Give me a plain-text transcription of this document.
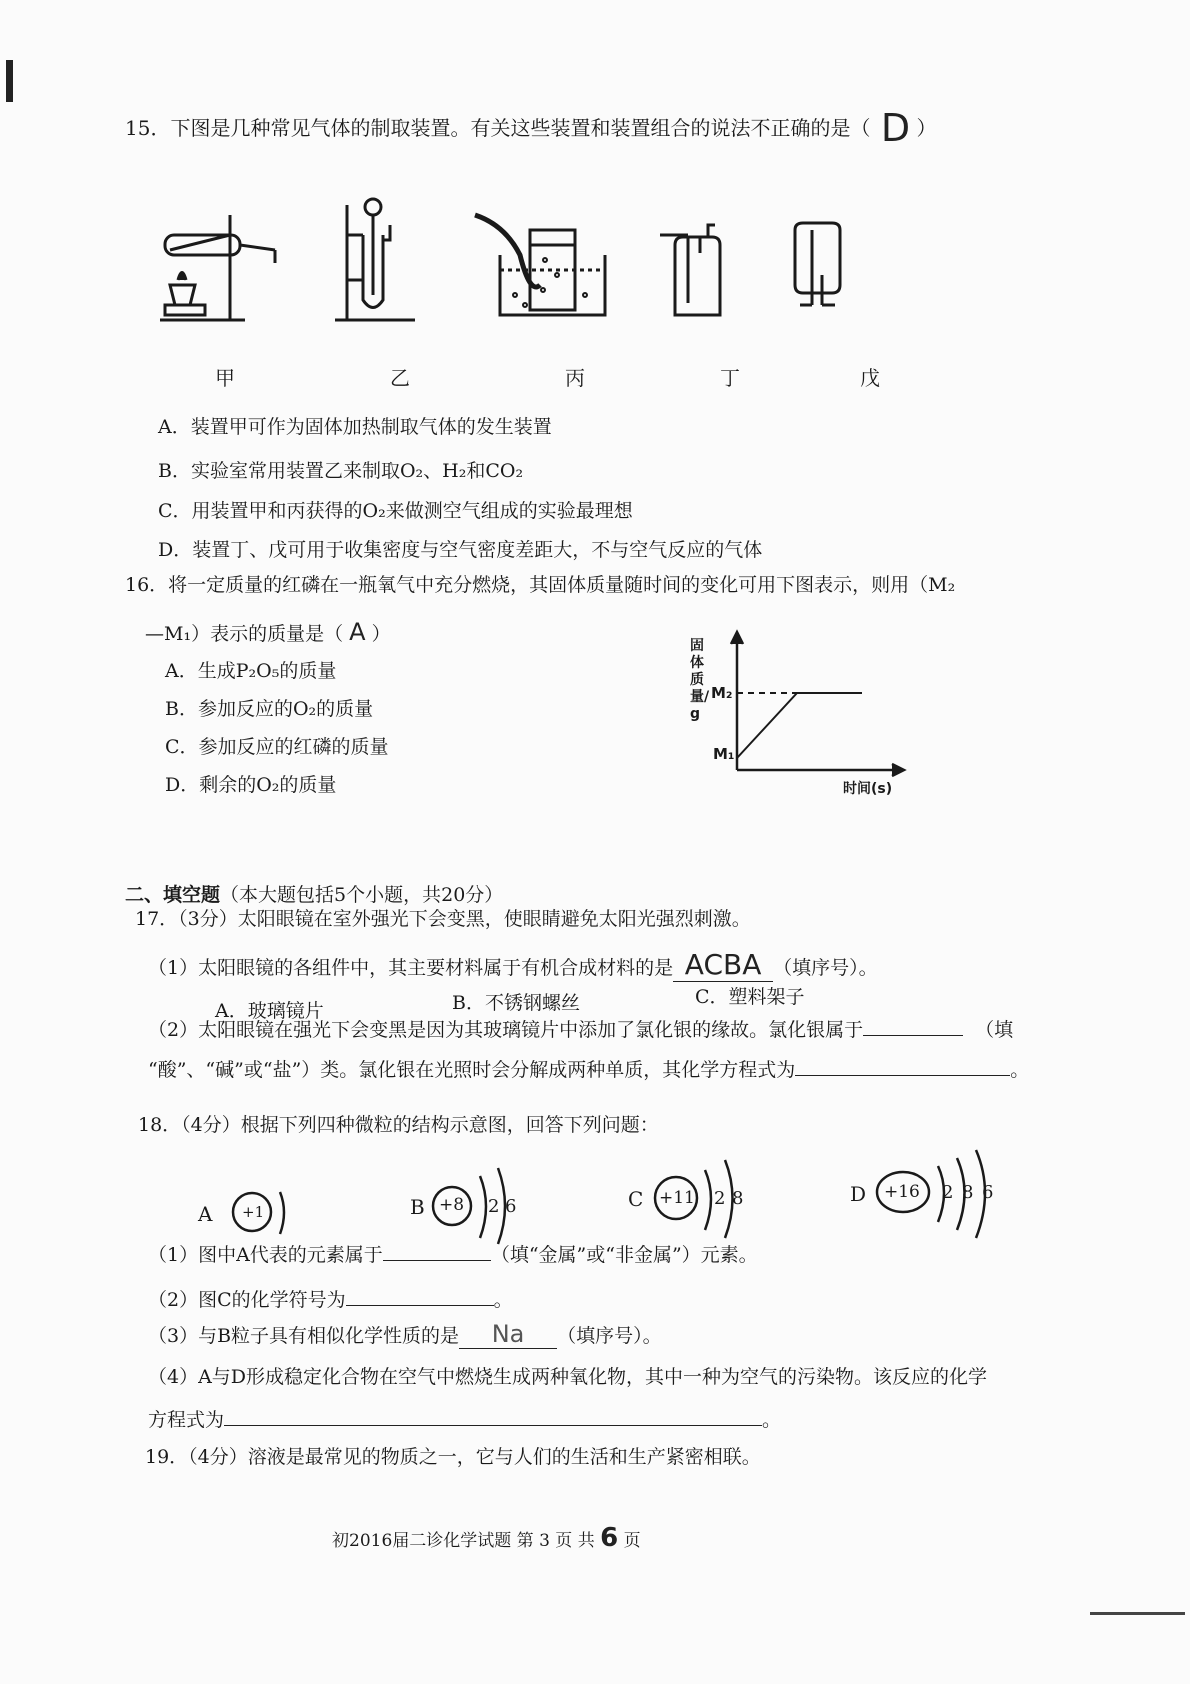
15．下图是几种常见气体的制取装置。有关这些装置和装置组合的说法不正确的是（ D ）
甲	乙	丙	丁	戊
A．装置甲可作为固体加热制取气体的发生装置
B．实验室常用装置乙来制取O₂、H₂和CO₂
C．用装置甲和丙获得的O₂来做测空气组成的实验最理想
D．装置丁、戊可用于收集密度与空气密度差距大，不与空气反应的气体
16．将一定质量的红磷在一瓶氧气中充分燃烧，其固体质量随时间的变化可用下图表示，则用（M₂
—M₁）表示的质量是（ A ）
A．生成P₂O₅的质量
B．参加反应的O₂的质量
C．参加反应的红磷的质量
D．剩余的O₂的质量
固体质量/g
M₂
M₁
时间(s)
二、填空题（本大题包括5个小题，共20分）
17．（3分）太阳眼镜在室外强光下会变黑，使眼睛避免太阳光强烈刺激。
（1）太阳眼镜的各组件中，其主要材料属于有机合成材料的是 ACBA （填序号）。
A．玻璃镜片	B．不锈钢螺丝	C．塑料架子
（2）太阳眼镜在强光下会变黑是因为其玻璃镜片中添加了氯化银的缘故。氯化银属于	（填
“酸”、“碱”或“盐”）类。氯化银在光照时会分解成两种单质，其化学方程式为	。
18．（4分）根据下列四种微粒的结构示意图，回答下列问题：
A	B	C	D
+1	+8 2 6	+11 2 8	+16 2 8 6
（1）图中A代表的元素属于	（填“金属”或“非金属”）元素。
（2）图C的化学符号为	。
（3）与B粒子具有相似化学性质的是 Na （填序号）。
（4）A与D形成稳定化合物在空气中燃烧生成两种氧化物，其中一种为空气的污染物。该反应的化学
方程式为	。
19．（4分）溶液是最常见的物质之一，它与人们的生活和生产紧密相联。
初2016届二诊化学试题 第 3 页 共 6 页
